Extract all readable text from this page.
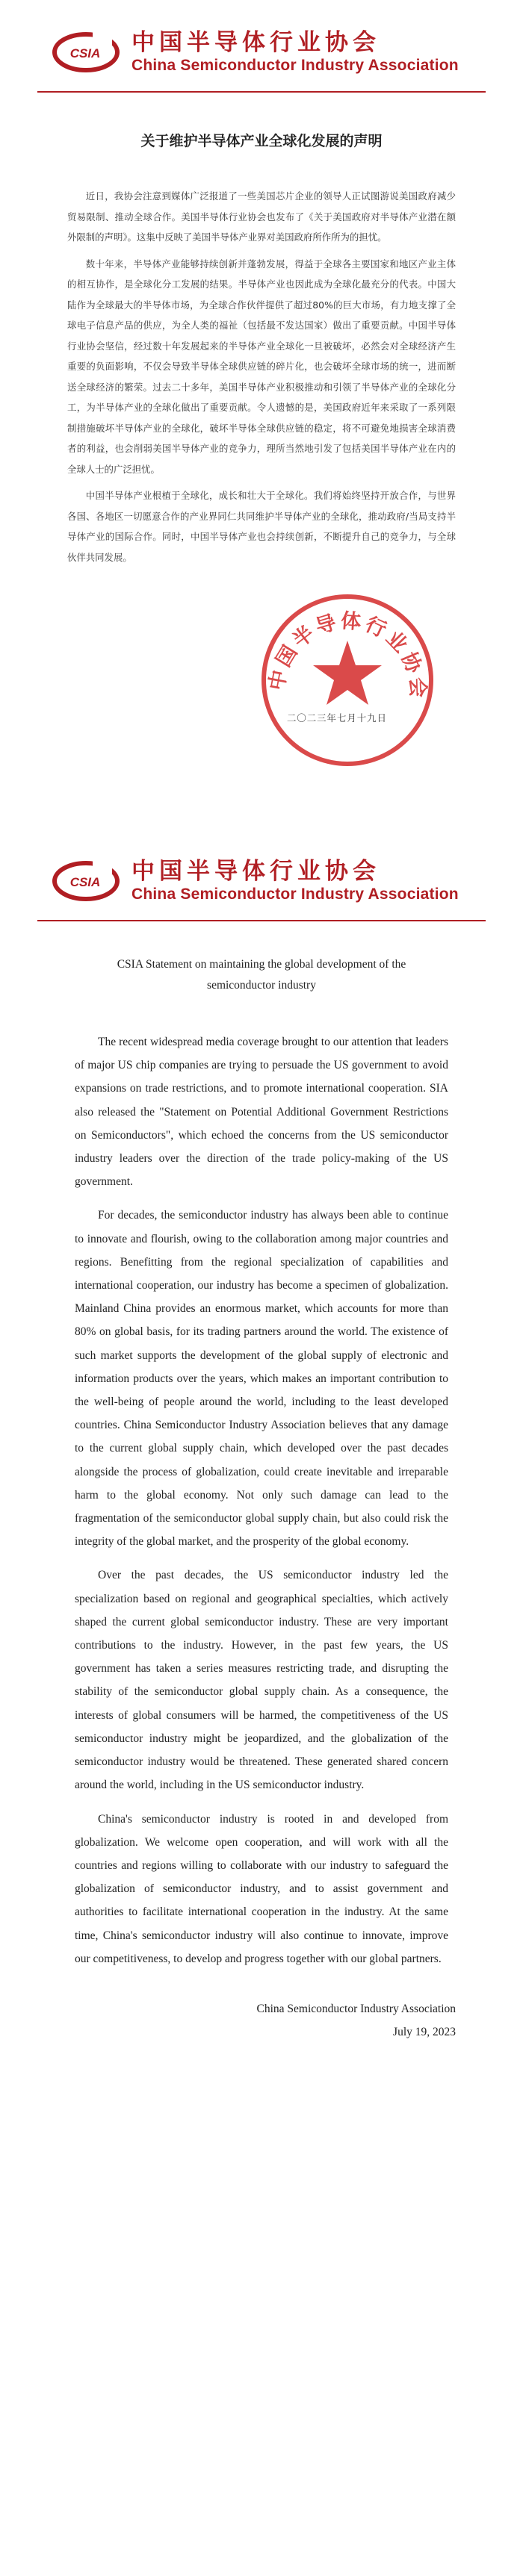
CSIA 中国半导体行业协会
China Semiconductor Industry Association
关于维护半导体产业全球化发展的声明

近日，我协会注意到媒体广泛报道了一些美国芯片企业的领导人正试图游说美国政府减少贸易限制、推动全球合作。美国半导体行业协会也发布了《关于美国政府对半导体产业潜在额外限制的声明》。这集中反映了美国半导体产业界对美国政府所作所为的担忧。

数十年来，半导体产业能够持续创新并蓬勃发展，得益于全球各主要国家和地区产业主体的相互协作，是全球化分工发展的结果。半导体产业也因此成为全球化最充分的代表。中国大陆作为全球最大的半导体市场，为全球合作伙伴提供了超过80%的巨大市场，有力地支撑了全球电子信息产品的供应，为全人类的福祉（包括最不发达国家）做出了重要贡献。中国半导体行业协会坚信，经过数十年发展起来的半导体产业全球化一旦被破坏，必然会对全球经济产生重要的负面影响，不仅会导致半导体全球供应链的碎片化，也会破坏全球市场的统一，进而断送全球经济的繁荣。过去二十多年，美国半导体产业积极推动和引领了半导体产业的全球化分工，为半导体产业的全球化做出了重要贡献。令人遗憾的是，美国政府近年来采取了一系列限制措施破坏半导体产业的全球化，破坏半导体全球供应链的稳定，将不可避免地损害全球消费者的利益，也会削弱美国半导体产业的竞争力，理所当然地引发了包括美国半导体产业在内的全球人士的广泛担忧。

中国半导体产业根植于全球化，成长和壮大于全球化。我们将始终坚持开放合作，与世界各国、各地区一切愿意合作的产业界同仁共同维护半导体产业的全球化，推动政府/当局支持半导体产业的国际合作。同时，中国半导体产业也会持续创新，不断提升自己的竞争力，与全球伙伴共同发展。

中国半导体行业协会
二〇二三年七月十九日
CSIA 中国半导体行业协会
China Semiconductor Industry Association
CSIA Statement on maintaining the global development of the semiconductor industry

The recent widespread media coverage brought to our attention that leaders of major US chip companies are trying to persuade the US government to avoid expansions on trade restrictions, and to promote international cooperation. SIA also released the "Statement on Potential Additional Government Restrictions on Semiconductors", which echoed the concerns from the US semiconductor industry leaders over the direction of the trade policy-making of the US government.

For decades, the semiconductor industry has always been able to continue to innovate and flourish, owing to the collaboration among major countries and regions. Benefitting from the regional specialization of capabilities and international cooperation, our industry has become a specimen of globalization. Mainland China provides an enormous market, which accounts for more than 80% on global basis, for its trading partners around the world. The existence of such market supports the development of the global supply of electronic and information products over the years, which makes an important contribution to the well-being of people around the world, including to the least developed countries. China Semiconductor Industry Association believes that any damage to the current global supply chain, which developed over the past decades alongside the process of globalization, could create inevitable and irreparable harm to the global economy. Not only such damage can lead to the fragmentation of the semiconductor global supply chain, but also could risk the integrity of the global market, and the prosperity of the global economy.

Over the past decades, the US semiconductor industry led the specialization based on regional and geographical specialties, which actively shaped the current global semiconductor industry. These are very important contributions to the industry. However, in the past few years, the US government has taken a series measures restricting trade, and disrupting the stability of the semiconductor global supply chain. As a consequence, the interests of global consumers will be harmed, the competitiveness of the US semiconductor industry might be jeopardized, and the globalization of the semiconductor industry would be threatened. These generated shared concern around the world, including in the US semiconductor industry.

China's semiconductor industry is rooted in and developed from globalization. We welcome open cooperation, and will work with all the countries and regions willing to collaborate with our industry to safeguard the globalization of semiconductor industry, and to assist government and authorities to facilitate international cooperation in the industry. At the same time, China's semiconductor industry will also continue to innovate, improve our competitiveness, to develop and progress together with our global partners.

China Semiconductor Industry Association
July 19, 2023
